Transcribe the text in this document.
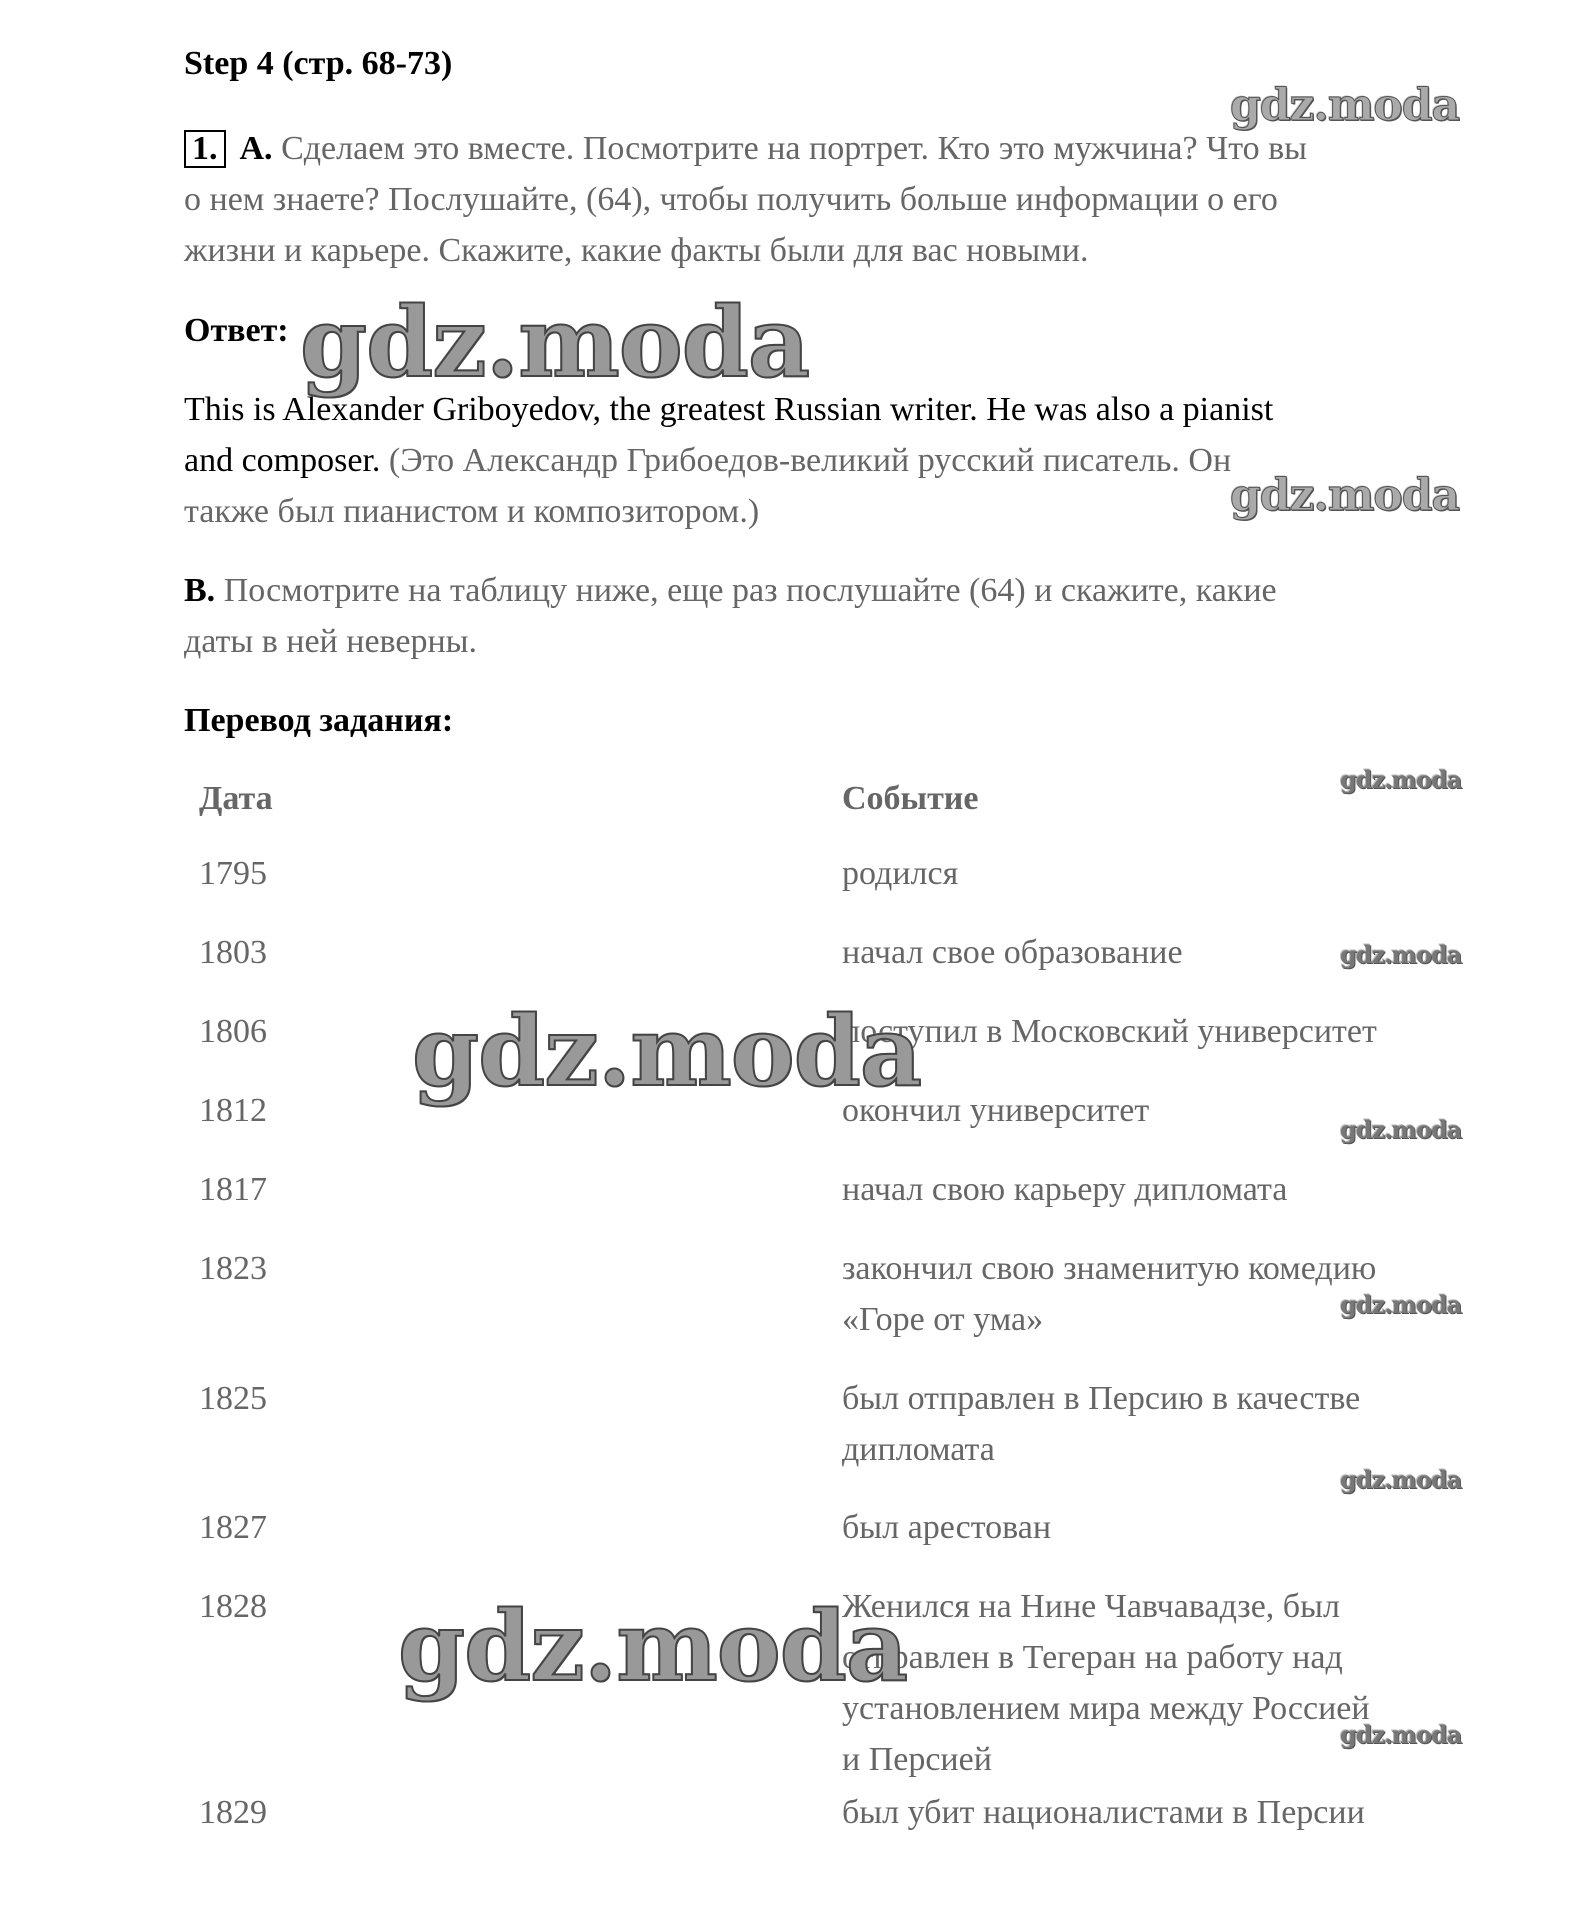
Step 4 (стр. 68-73)
1. A. Сделаем это вместе. Посмотрите на портрет. Кто это мужчина? Что вы
о нем знаете? Послушайте, (64), чтобы получить больше информации о его
жизни и карьере. Скажите, какие факты были для вас новыми.
Ответ:
This is Alexander Griboyedov, the greatest Russian writer. He was also a pianist
and composer. (Это Александр Грибоедов-великий русский писатель. Он
также был пианистом и композитором.)
B. Посмотрите на таблицу ниже, еще раз послушайте (64) и скажите, какие
даты в ней неверны.
Перевод задания:
Дата	Событие
1795	родился
1803	начал свое образование
1806	поступил в Московский университет
1812	окончил университет
1817	начал свою карьеру дипломата
1823	закончил свою знаменитую комедию
«Горе от ума»
1825	был отправлен в Персию в качестве
дипломата
1827	был арестован
1828	Женился на Нине Чавчавадзе, был
отправлен в Тегеран на работу над
установлением мира между Россией
и Персией
1829	был убит националистами в Персии
gdz.moda
gdz.moda
gdz.moda
gdz.moda
gdz.moda
gdz.moda
gdz.moda
gdz.moda
gdz.moda
gdz.moda
gdz.moda
